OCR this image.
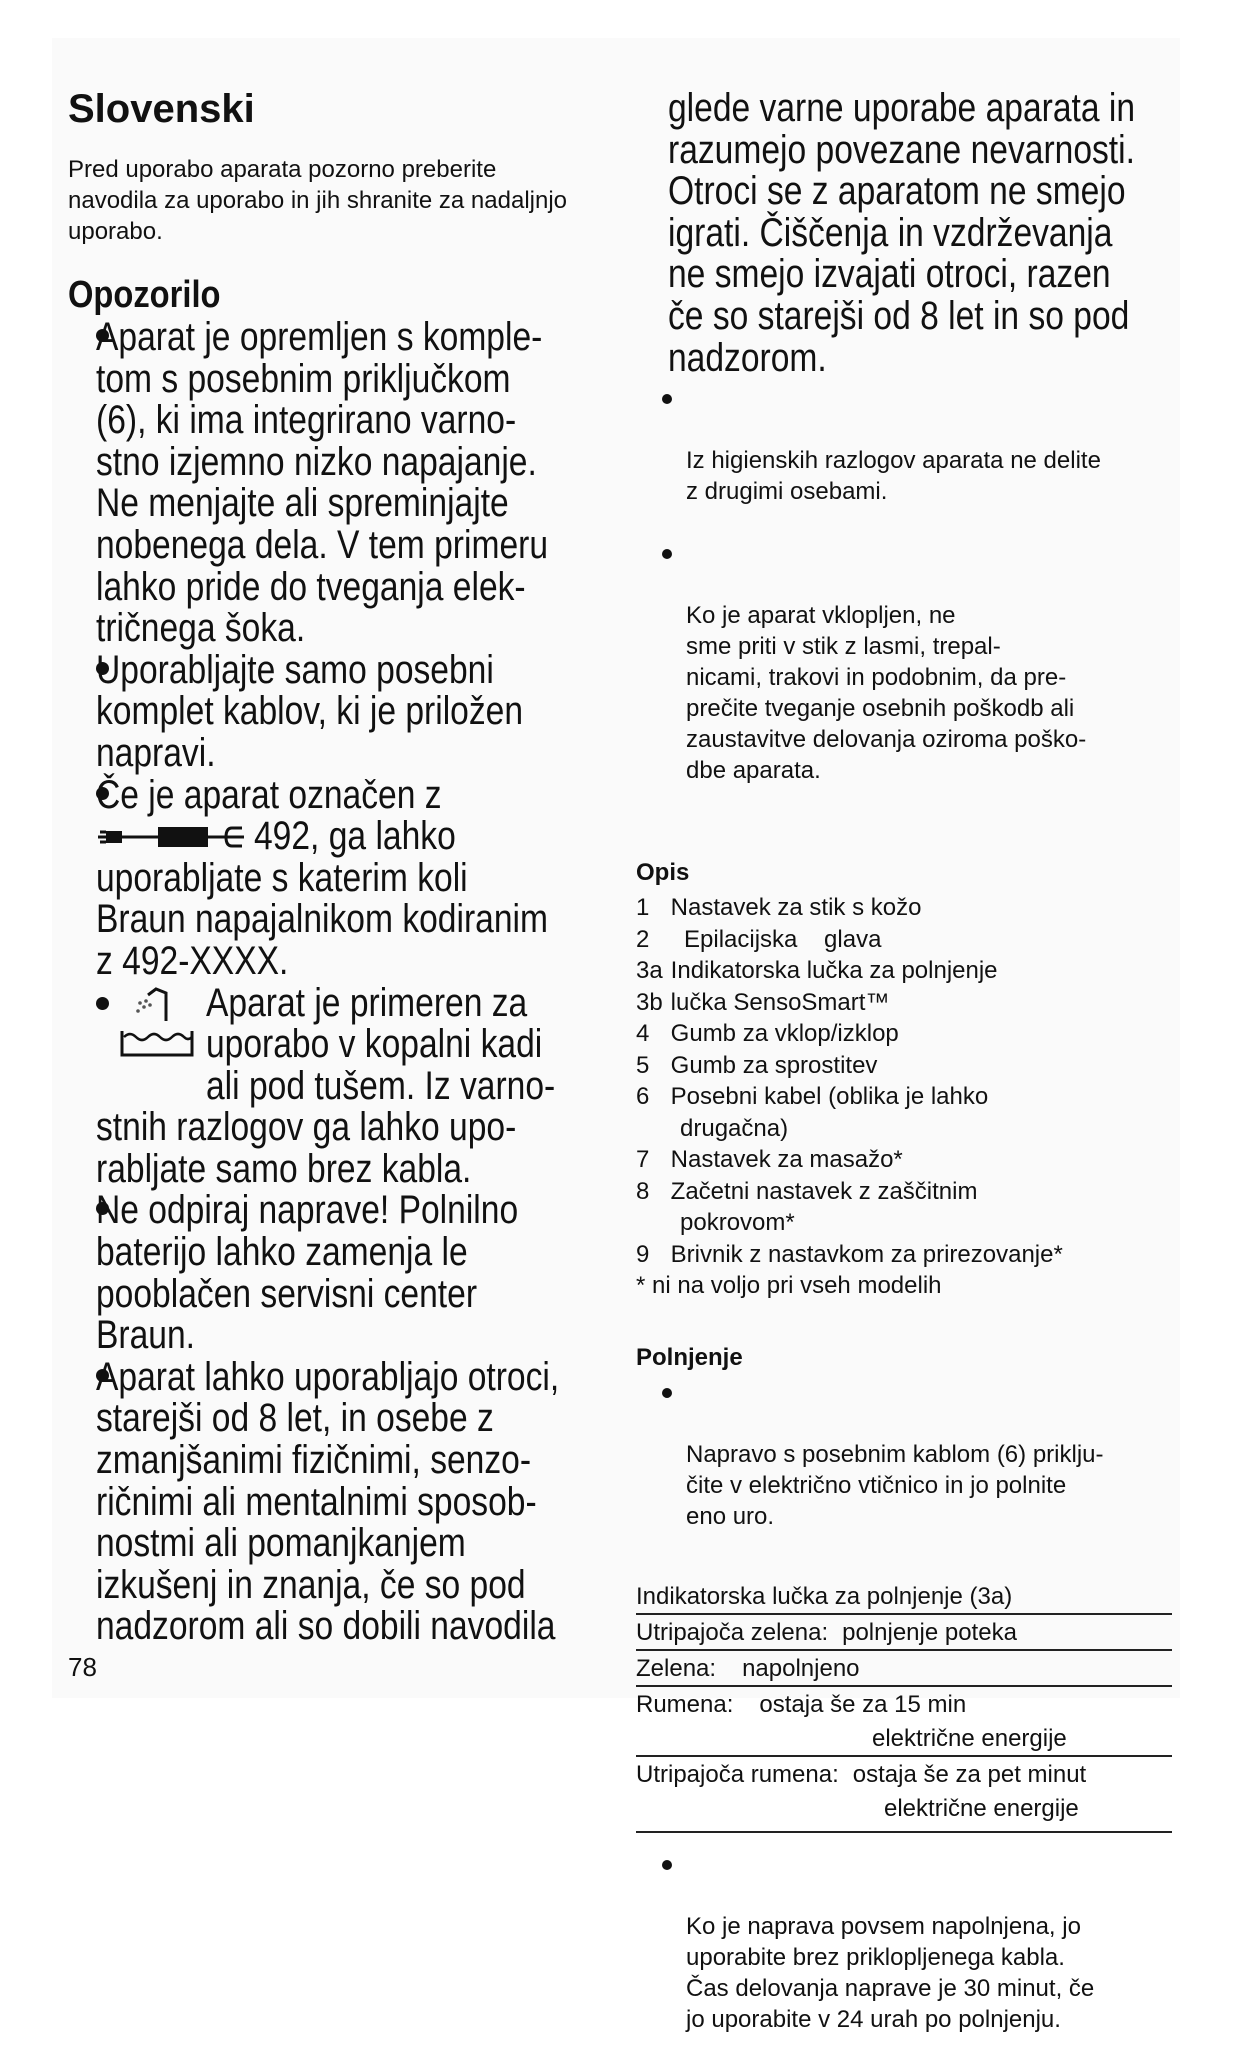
Slovenski

Pred uporabo aparata pozorno preberite navodila za uporabo in jih shranite za nadaljnjo uporabo.

Opozorilo
Aparat je opremljen s komple-
tom s posebnim priključkom
(6), ki ima integrirano varno-
stno izjemno nizko napajanje.
Ne menjajte ali spreminjajte
nobenega dela. V tem primeru
lahko pride do tveganja elek-
tričnega šoka.
Uporabljajte samo posebni
komplet kablov, ki je priložen
napravi.
Če je aparat označen z
492, ga lahko
uporabljate s katerim koli
Braun napajalnikom kodiranim
z 492-XXXX.
Aparat je primeren za
uporabo v kopalni kadi
ali pod tušem. Iz varno-
stnih razlogov ga lahko upo-
rabljate samo brez kabla.
Ne odpiraj naprave! Polnilno
baterijo lahko zamenja le
pooblačen servisni center
Braun.
Aparat lahko uporabljajo otroci,
starejši od 8 let, in osebe z
zmanjšanimi fizičnimi, senzo-
ričnimi ali mentalnimi sposob-
nostmi ali pomanjkanjem
izkušenj in znanja, če so pod
nadzorom ali so dobili navodila
glede varne uporabe aparata in
razumejo povezane nevarnosti.
Otroci se z aparatom ne smejo
igrati. Čiščenja in vzdrževanja
ne smejo izvajati otroci, razen
če so starejši od 8 let in so pod
nadzorom.

Iz higienskih razlogov aparata ne delite
z drugimi osebami.

Ko je aparat vklopljen, ne
sme priti v stik z lasmi, trepal-
nicami, trakovi in podobnim, da pre-
prečite tveganje osebnih poškodb ali
zaustavitve delovanja oziroma poško-
dbe aparata.

Opis
1 Nastavek za stik s kožo
2   Epilacijska    glava
3a Indikatorska lučka za polnjenje
3b lučka SensoSmart™
4 Gumb za vklop/izklop
5 Gumb za sprostitev
6 Posebni kabel (oblika je lahko
drugačna)
7 Nastavek za masažo*
8 Začetni nastavek z zaščitnim
pokrovom*
9 Brivnik z nastavkom za prirezovanje*
* ni na voljo pri vseh modelih
Polnjenje

Napravo s posebnim kablom (6) priklju-
čite v električno vtičnico in jo polnite
eno uro.

Indikatorska lučka za polnjenje (3a)
Utripajoča zelena: polnjenje poteka
Zelena: napolnjeno
Rumena: ostaja še za 15 min
električne energije
Utripajoča rumena: ostaja še za pet minut
električne energije

Ko je naprava povsem napolnjena, jo
uporabite brez priklopljenega kabla.
Čas delovanja naprave je 30 minut, če
jo uporabite v 24 urah po polnjenju.

78
